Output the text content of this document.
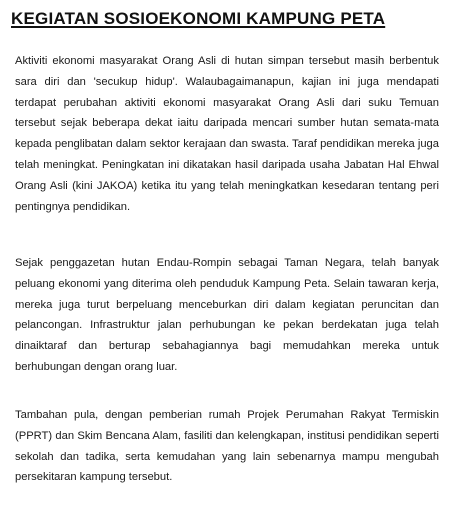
KEGIATAN SOSIOEKONOMI KAMPUNG PETA

Aktiviti ekonomi masyarakat Orang Asli di hutan simpan tersebut masih berbentuk sara diri dan 'secukup hidup'. Walaubagaimanapun, kajian ini juga mendapati terdapat perubahan aktiviti ekonomi masyarakat Orang Asli dari suku Temuan tersebut sejak beberapa dekat iaitu daripada mencari sumber hutan semata-mata kepada penglibatan dalam sektor kerajaan dan swasta. Taraf pendidikan mereka juga telah meningkat. Peningkatan ini dikatakan hasil daripada usaha Jabatan Hal Ehwal Orang Asli (kini JAKOA) ketika itu yang telah meningkatkan kesedaran tentang peri pentingnya pendidikan.

Sejak penggazetan hutan Endau-Rompin sebagai Taman Negara, telah banyak peluang ekonomi yang diterima oleh penduduk Kampung Peta. Selain tawaran kerja, mereka juga turut berpeluang menceburkan diri dalam kegiatan peruncitan dan pelancongan. Infrastruktur jalan perhubungan ke pekan berdekatan juga telah dinaiktaraf dan berturap sebahagiannya bagi memudahkan mereka untuk berhubungan dengan orang luar.

Tambahan pula, dengan pemberian rumah Projek Perumahan Rakyat Termiskin (PPRT) dan Skim Bencana Alam, fasiliti dan kelengkapan, institusi pendidikan seperti sekolah dan tadika, serta kemudahan yang lain sebenarnya mampu mengubah persekitaran kampung tersebut.
